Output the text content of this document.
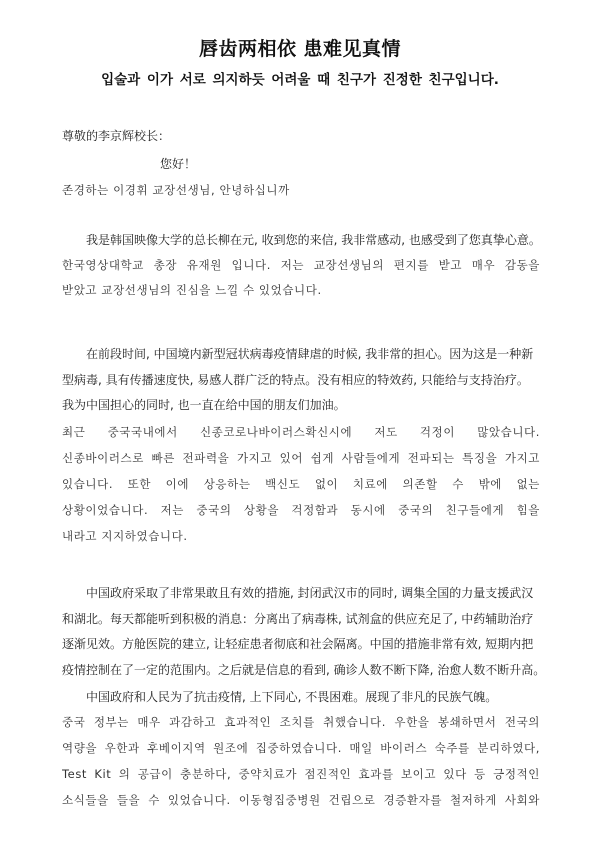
唇齿两相依 患难见真情
입술과 이가 서로 의지하듯 어려울 때 친구가 진정한 친구입니다.
尊敬的李京辉校长：
您好！
존경하는 이경휘 교장선생님, 안녕하십니까
我是韩国映像大学的总长柳在元, 收到您的来信, 我非常感动, 也感受到了您真挚心意。
한국영상대학교 총장 유재원 입니다. 저는 교장선생님의 편지를 받고 매우 감동을
받았고 교장선생님의 진심을 느낄 수 있었습니다.
在前段时间, 中国境内新型冠状病毒疫情肆虐的时候, 我非常的担心。因为这是一种新
型病毒, 具有传播速度快, 易感人群广泛的特点。没有相应的特效药, 只能给与支持治疗。
我为中国担心的同时, 也一直在给中国的朋友们加油。
최근 중국국내에서 신종코로나바이러스확신시에 저도 걱정이 많았습니다.
신종바이러스로 빠른 전파력을 가지고 있어 쉽게 사람들에게 전파되는 특징을 가지고
있습니다. 또한 이에 상응하는 백신도 없이 치료에 의존할 수 밖에 없는
상황이었습니다. 저는 중국의 상황을 걱정함과 동시에 중국의 친구들에게 힘을
내라고 지지하였습니다.
中国政府采取了非常果敢且有效的措施, 封闭武汉市的同时, 调集全国的力量支援武汉
和湖北。每天都能听到积极的消息：分离出了病毒株, 试剂盒的供应充足了, 中药辅助治疗
逐渐见效。方舱医院的建立, 让轻症患者彻底和社会隔离。中国的措施非常有效, 短期内把
疫情控制在了一定的范围内。之后就是信息的看到, 确诊人数不断下降, 治愈人数不断升高。
中国政府和人民为了抗击疫情, 上下同心, 不畏困难。展现了非凡的民族气魄。
중국 정부는 매우 과감하고 효과적인 조치를 취했습니다. 우한을 봉쇄하면서 전국의
역량을 우한과 후베이지역 원조에 집중하였습니다. 매일 바이러스 숙주를 분리하였다,
Test Kit 의 공급이 충분하다, 중약치료가 점진적인 효과를 보이고 있다 등 긍정적인
소식들을 들을 수 있었습니다. 이동형집중병원 건립으로 경증환자를 철저하게 사회와
